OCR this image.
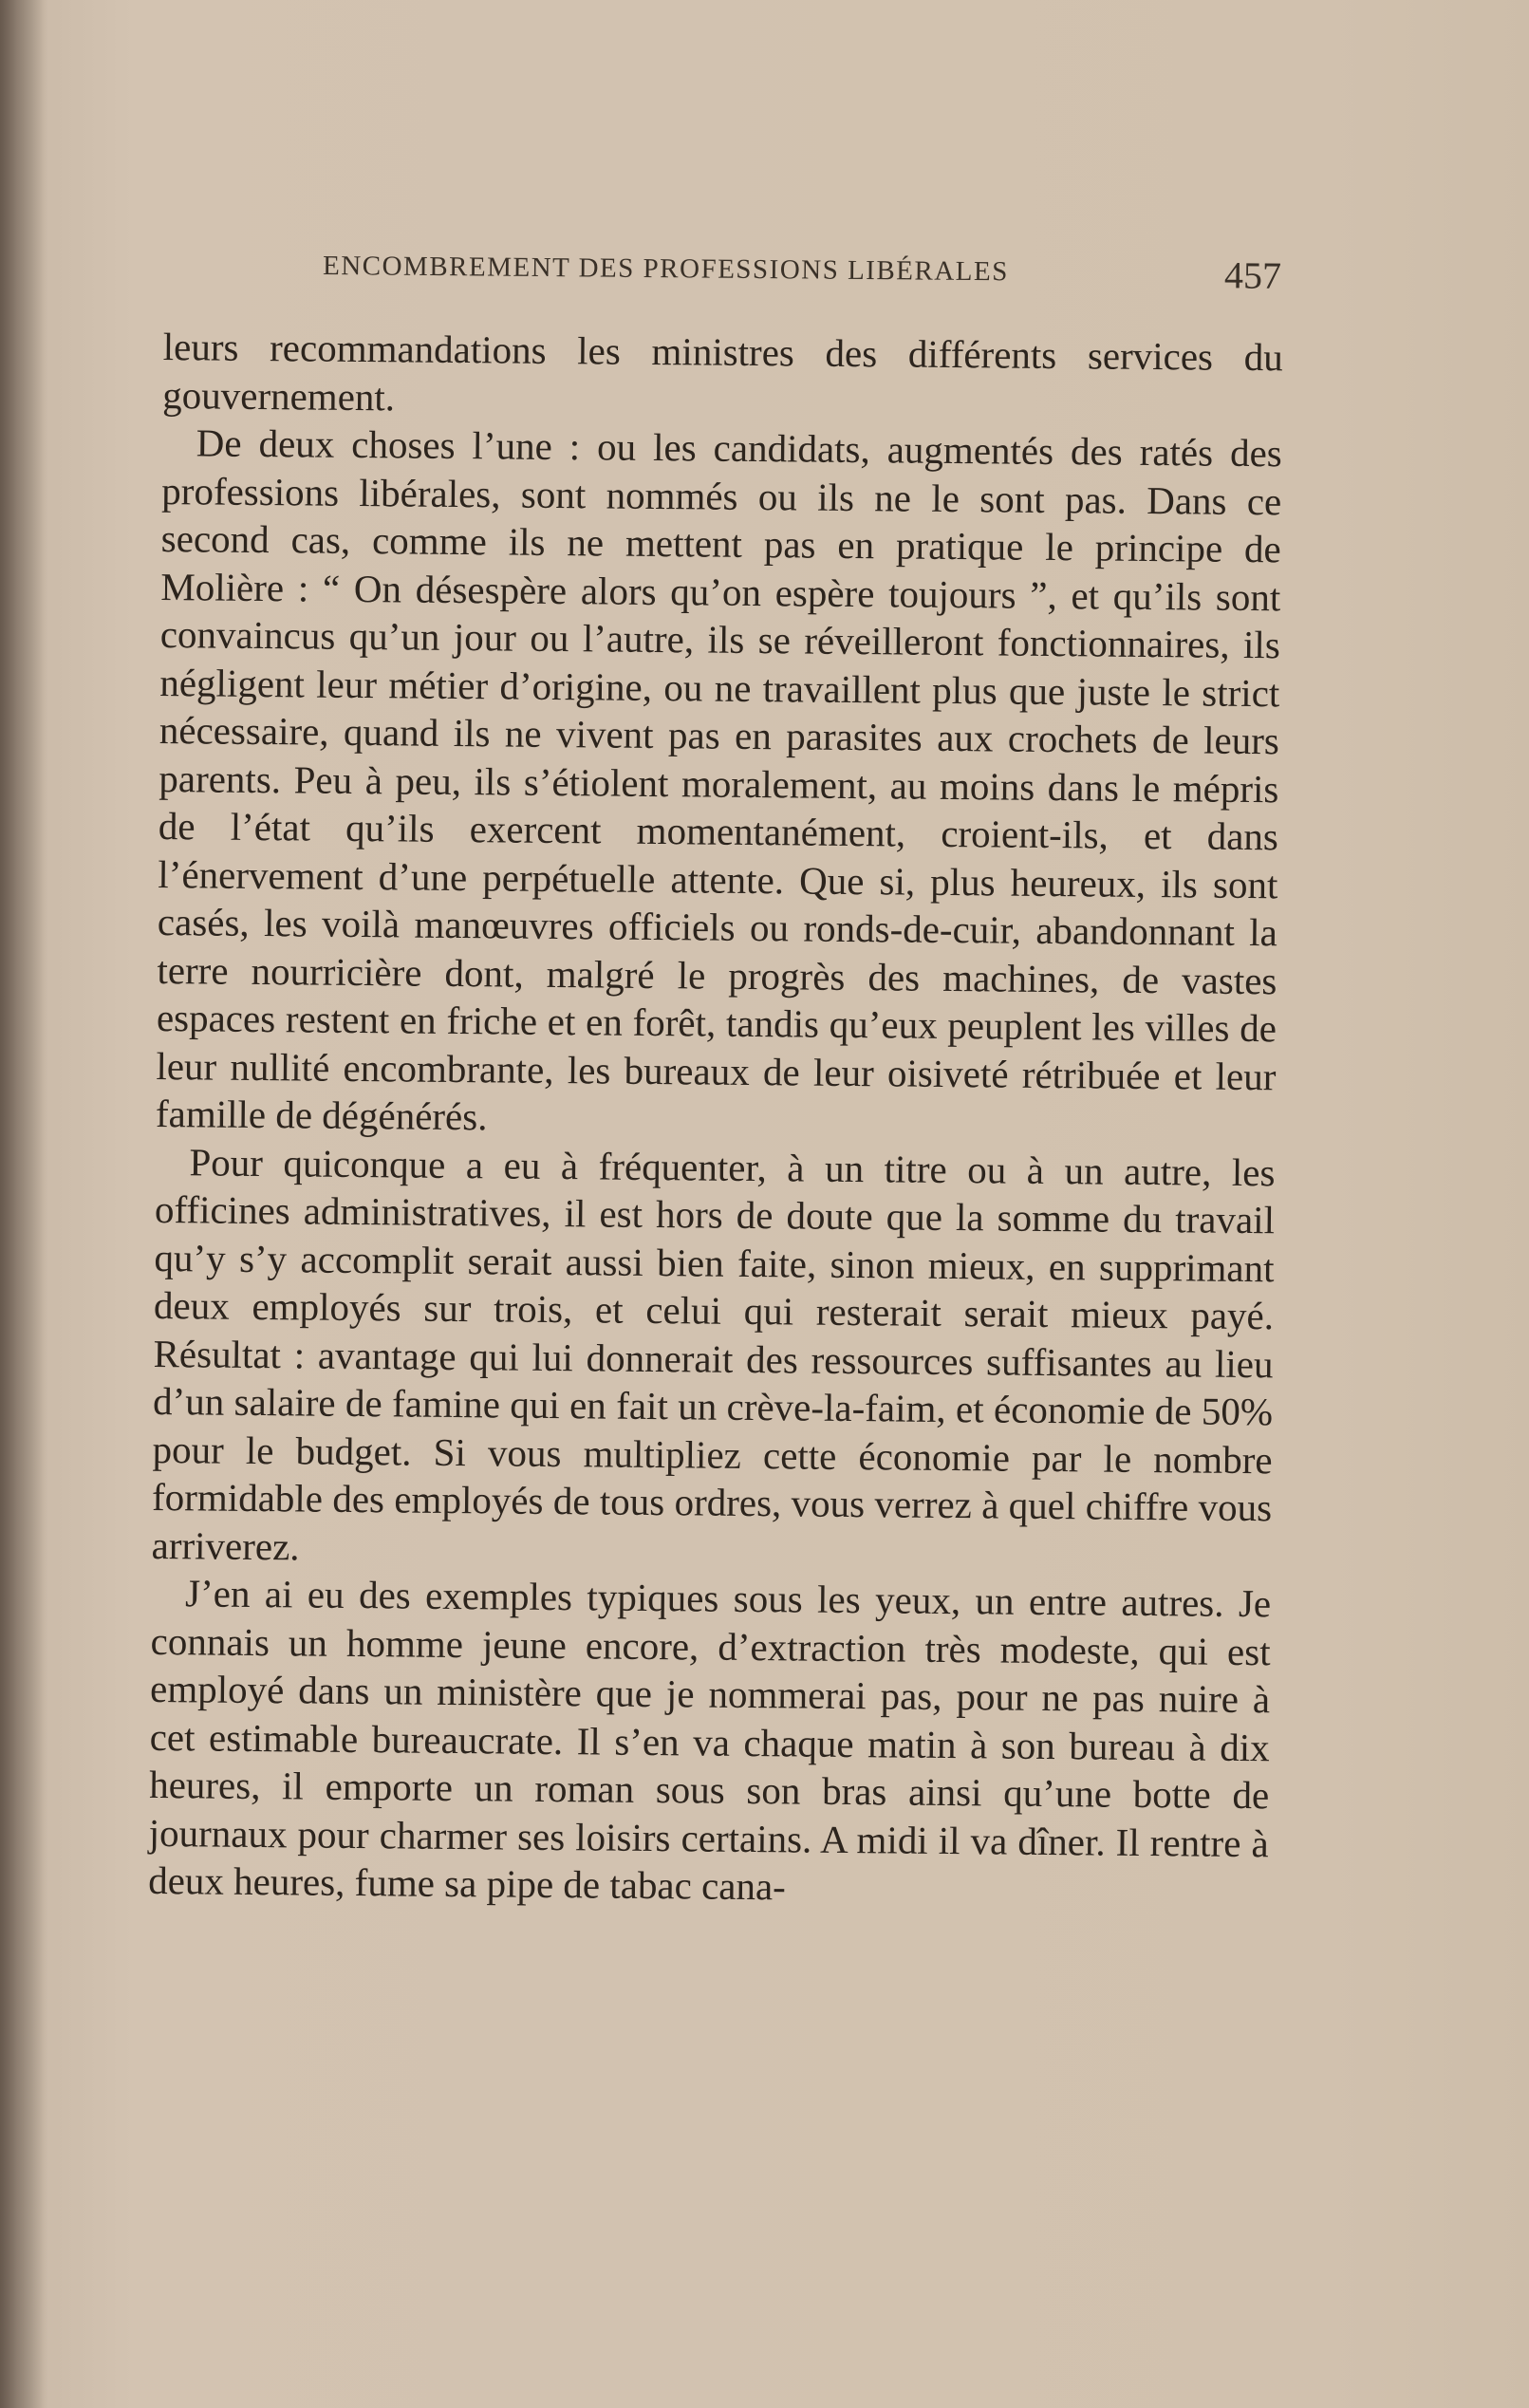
ENCOMBREMENT DES PROFESSIONS LIBÉRALES	457

leurs recommandations les ministres des différents services du gouvernement.

De deux choses l’une : ou les candidats, augmentés des ratés des professions libérales, sont nommés ou ils ne le sont pas. Dans ce second cas, comme ils ne mettent pas en pratique le principe de Molière : “ On désespère alors qu’on espère toujours ”, et qu’ils sont convaincus qu’un jour ou l’autre, ils se réveilleront fonctionnaires, ils négligent leur métier d’origine, ou ne travaillent plus que juste le strict nécessaire, quand ils ne vivent pas en parasites aux crochets de leurs parents. Peu à peu, ils s’étiolent moralement, au moins dans le mépris de l’état qu’ils exercent momentanément, croient-ils, et dans l’énervement d’une perpétuelle attente. Que si, plus heureux, ils sont casés, les voilà manœuvres officiels ou ronds-de-cuir, abandonnant la terre nourricière dont, malgré le progrès des machines, de vastes espaces restent en friche et en forêt, tandis qu’eux peuplent les villes de leur nullité encombrante, les bureaux de leur oisiveté rétribuée et leur famille de dégénérés.

Pour quiconque a eu à fréquenter, à un titre ou à un autre, les officines administratives, il est hors de doute que la somme du travail qu’y s’y accomplit serait aussi bien faite, sinon mieux, en supprimant deux employés sur trois, et celui qui resterait serait mieux payé. Résultat : avantage qui lui donnerait des ressources suffisantes au lieu d’un salaire de famine qui en fait un crève-la-faim, et économie de 50% pour le budget. Si vous multipliez cette économie par le nombre formidable des employés de tous ordres, vous verrez à quel chiffre vous arriverez.

J’en ai eu des exemples typiques sous les yeux, un entre autres. Je connais un homme jeune encore, d’extraction très modeste, qui est employé dans un ministère que je nommerai pas, pour ne pas nuire à cet estimable bureaucrate. Il s’en va chaque matin à son bureau à dix heures, il emporte un roman sous son bras ainsi qu’une botte de journaux pour charmer ses loisirs certains. A midi il va dîner. Il rentre à deux heures, fume sa pipe de tabac cana-
